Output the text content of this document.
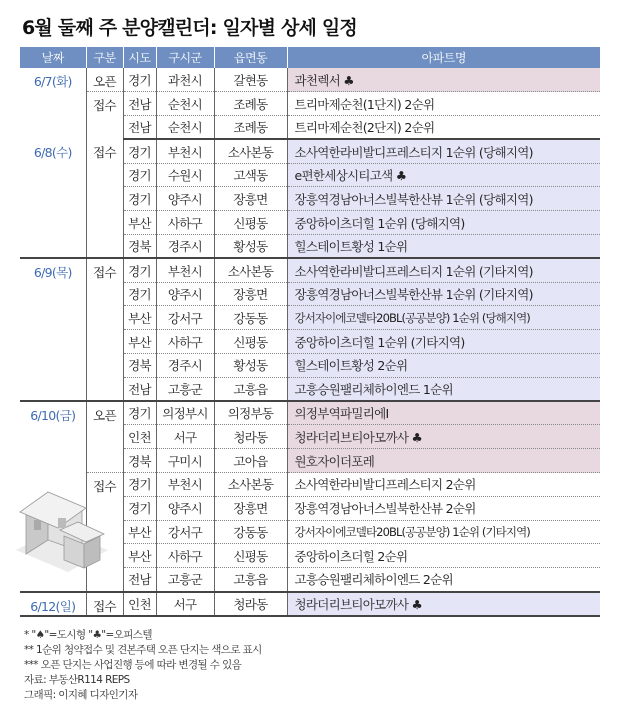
6월 둘째 주 분양캘린더: 일자별 상세 일정
날짜	구분	시도	구시군	읍면동	아파트명
6/7(화)	오픈	경기	과천시	갈현동	과천렉서 ♣
	접수	전남	순천시	조례동	트리마제순천(1단지) 2순위
		전남	순천시	조례동	트리마제순천(2단지) 2순위
6/8(수)	접수	경기	부천시	소사본동	소사역한라비발디프레스티지 1순위 (당해지역)
		경기	수원시	고색동	e편한세상시티고색 ♣
		경기	양주시	장흥면	장흥역경남아너스빌북한산뷰 1순위 (당해지역)
		부산	사하구	신평동	중앙하이츠더힐 1순위 (당해지역)
		경북	경주시	황성동	힐스테이트황성 1순위
6/9(목)	접수	경기	부천시	소사본동	소사역한라비발디프레스티지 1순위 (기타지역)
		경기	양주시	장흥면	장흥역경남아너스빌북한산뷰 1순위 (기타지역)
		부산	강서구	강동동	강서자이에코델타20BL(공공분양) 1순위 (당해지역)
		부산	사하구	신평동	중앙하이츠더힐 1순위 (기타지역)
		경북	경주시	황성동	힐스테이트황성 2순위
		전남	고흥군	고흥읍	고흥승원팰리체하이엔드 1순위
6/10(금)	오픈	경기	의정부시	의정부동	의정부역파밀리에Ⅰ
		인천	서구	청라동	청라더리브티아모까사 ♣
		경북	구미시	고아읍	원호자이더포레
	접수	경기	부천시	소사본동	소사역한라비발디프레스티지 2순위
		경기	양주시	장흥면	장흥역경남아너스빌북한산뷰 2순위
		부산	강서구	강동동	강서자이에코델타20BL(공공분양) 1순위 (기타지역)
		부산	사하구	신평동	중앙하이츠더힐 2순위
		전남	고흥군	고흥읍	고흥승원팰리체하이엔드 2순위
6/12(일)	접수	인천	서구	청라동	청라더리브티아모까사 ♣
* "♠"=도시형 "♣"=오피스텔
** 1순위 청약접수 및 견본주택 오픈 단지는 색으로 표시
*** 오픈 단지는 사업진행 등에 따라 변경될 수 있음
자료: 부동산R114 REPS
그래픽: 이지혜 디자인기자
